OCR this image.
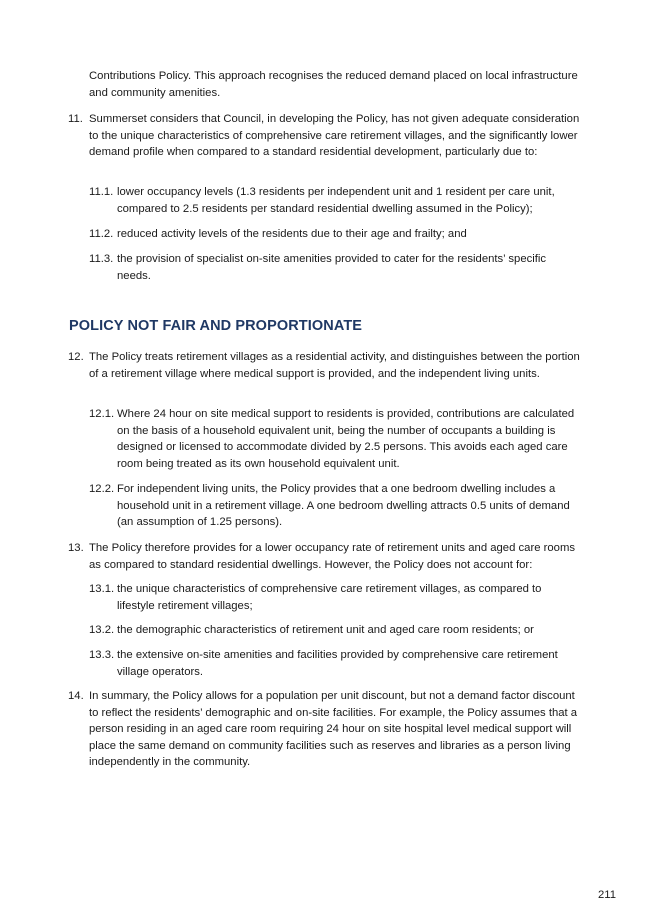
Contributions Policy. This approach recognises the reduced demand placed on local infrastructure and community amenities.

11. Summerset considers that Council, in developing the Policy, has not given adequate consideration to the unique characteristics of comprehensive care retirement villages, and the significantly lower demand profile when compared to a standard residential development, particularly due to:

11.1. lower occupancy levels (1.3 residents per independent unit and 1 resident per care unit, compared to 2.5 residents per standard residential dwelling assumed in the Policy);

11.2. reduced activity levels of the residents due to their age and frailty; and

11.3. the provision of specialist on-site amenities provided to cater for the residents’ specific needs.

POLICY NOT FAIR AND PROPORTIONATE

12. The Policy treats retirement villages as a residential activity, and distinguishes between the portion of a retirement village where medical support is provided, and the independent living units.

12.1. Where 24 hour on site medical support to residents is provided, contributions are calculated on the basis of a household equivalent unit, being the number of occupants a building is designed or licensed to accommodate divided by 2.5 persons. This avoids each aged care room being treated as its own household equivalent unit.

12.2. For independent living units, the Policy provides that a one bedroom dwelling includes a household unit in a retirement village. A one bedroom dwelling attracts 0.5 units of demand (an assumption of 1.25 persons).

13. The Policy therefore provides for a lower occupancy rate of retirement units and aged care rooms as compared to standard residential dwellings. However, the Policy does not account for:

13.1. the unique characteristics of comprehensive care retirement villages, as compared to lifestyle retirement villages;

13.2. the demographic characteristics of retirement unit and aged care room residents; or

13.3. the extensive on-site amenities and facilities provided by comprehensive care retirement village operators.

14. In summary, the Policy allows for a population per unit discount, but not a demand factor discount to reflect the residents’ demographic and on-site facilities. For example, the Policy assumes that a person residing in an aged care room requiring 24 hour on site hospital level medical support will place the same demand on community facilities such as reserves and libraries as a person living independently in the community.

211
